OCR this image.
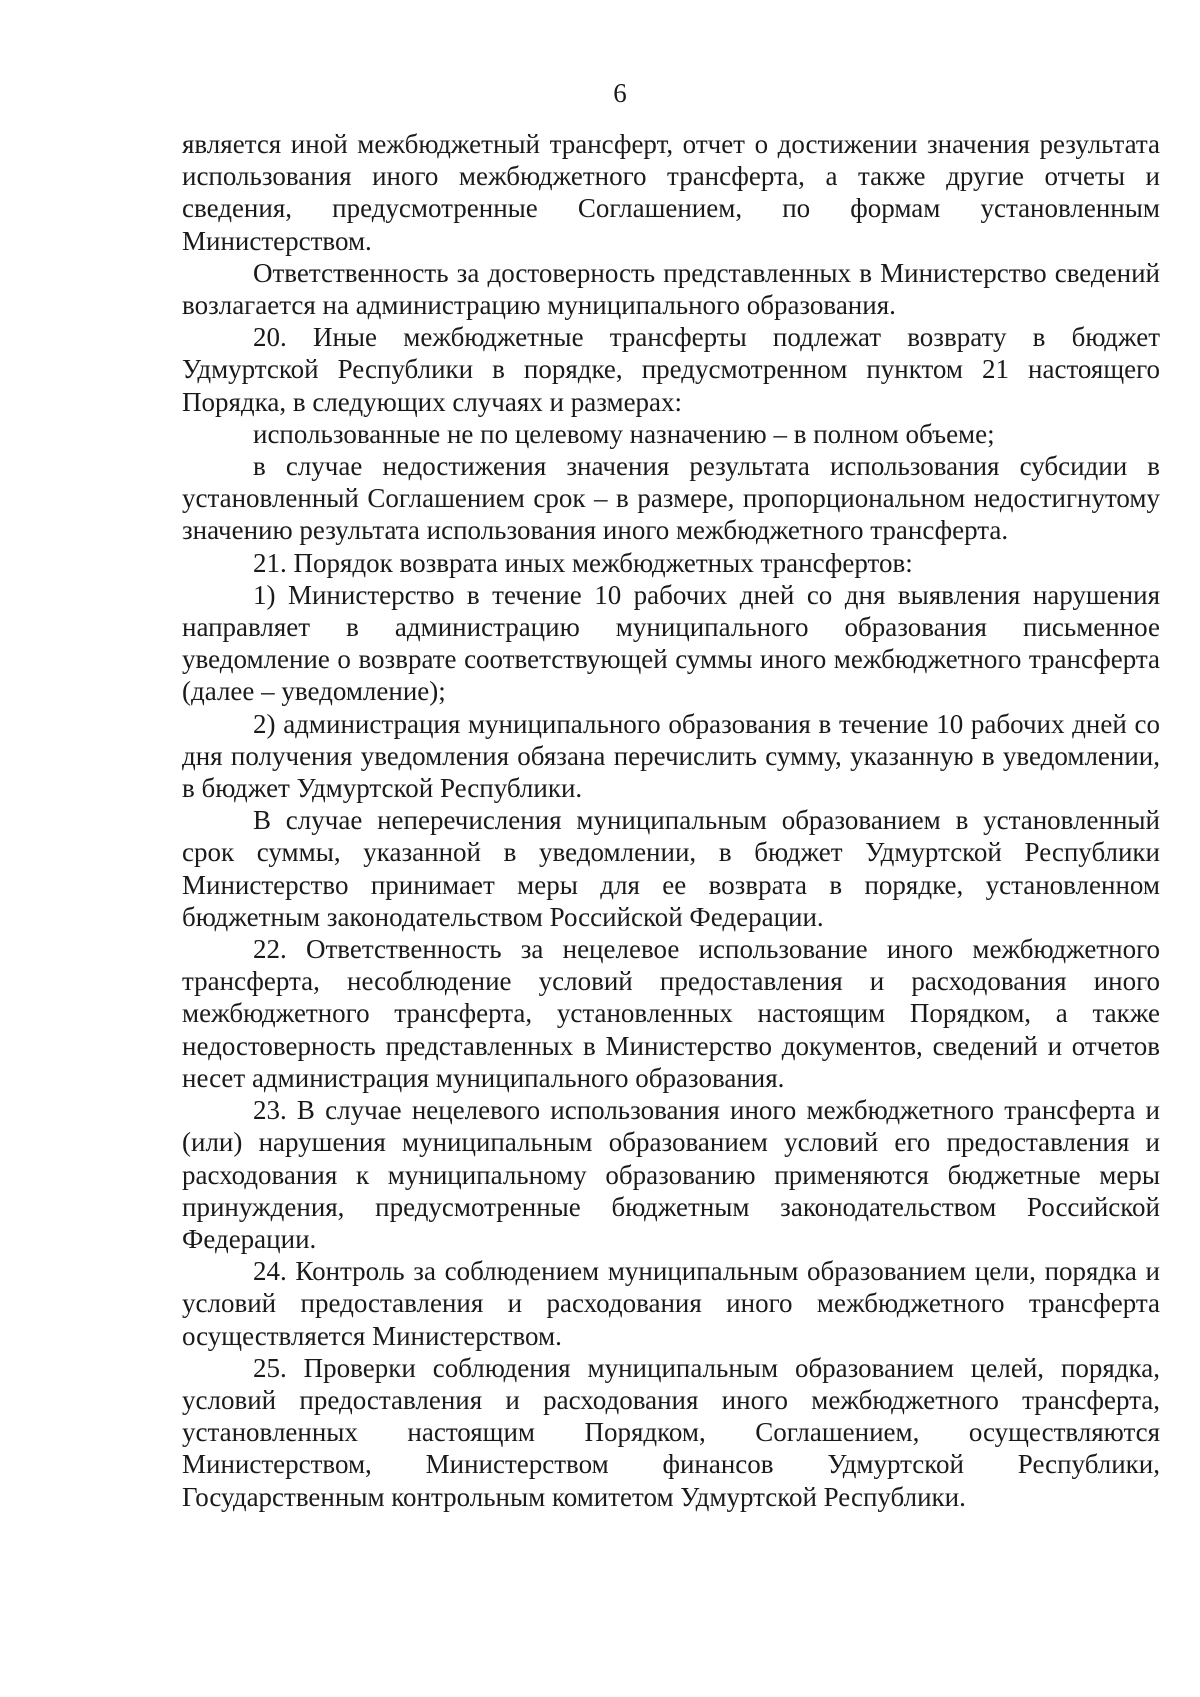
6

является иной межбюджетный трансферт, отчет о достижении значения результата использования иного межбюджетного трансферта, а также другие отчеты и сведения, предусмотренные Соглашением, по формам установленным Министерством.

Ответственность за достоверность представленных в Министерство сведений возлагается на администрацию муниципального образования.

20. Иные межбюджетные трансферты подлежат возврату в бюджет Удмуртской Республики в порядке, предусмотренном пунктом 21 настоящего Порядка, в следующих случаях и размерах:

использованные не по целевому назначению – в полном объеме;

в случае недостижения значения результата использования субсидии в установленный Соглашением срок – в размере, пропорциональном недостигнутому значению результата использования иного межбюджетного трансферта.

21. Порядок возврата иных межбюджетных трансфертов:

1) Министерство в течение 10 рабочих дней со дня выявления нарушения направляет в администрацию муниципального образования письменное уведомление о возврате соответствующей суммы иного межбюджетного трансферта (далее – уведомление);

2) администрация муниципального образования в течение 10 рабочих дней со дня получения уведомления обязана перечислить сумму, указанную в уведомлении, в бюджет Удмуртской Республики.

В случае неперечисления муниципальным образованием в установленный срок суммы, указанной в уведомлении, в бюджет Удмуртской Республики Министерство принимает меры для ее возврата в порядке, установленном бюджетным законодательством Российской Федерации.

22. Ответственность за нецелевое использование иного межбюджетного трансферта, несоблюдение условий предоставления и расходования иного межбюджетного трансферта, установленных настоящим Порядком, а также недостоверность представленных в Министерство документов, сведений и отчетов несет администрация муниципального образования.

23. В случае нецелевого использования иного межбюджетного трансферта и (или) нарушения муниципальным образованием условий его предоставления и расходования к муниципальному образованию применяются бюджетные меры принуждения, предусмотренные бюджетным законодательством Российской Федерации.

24. Контроль за соблюдением муниципальным образованием цели, порядка и условий предоставления и расходования иного межбюджетного трансферта осуществляется Министерством.

25. Проверки соблюдения муниципальным образованием целей, порядка, условий предоставления и расходования иного межбюджетного трансферта, установленных настоящим Порядком, Соглашением, осуществляются Министерством, Министерством финансов Удмуртской Республики, Государственным контрольным комитетом Удмуртской Республики.
